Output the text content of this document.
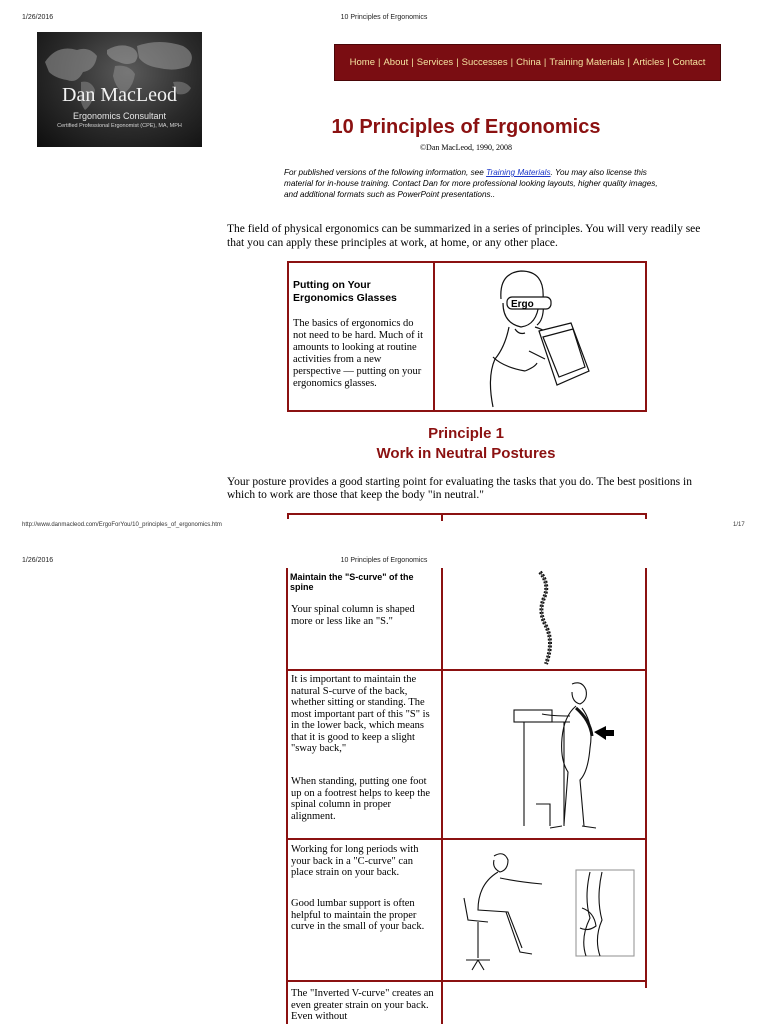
1/26/2016	10 Principles of Ergonomics
Dan MacLeod
Ergonomics Consultant
Certified Professional Ergonomist (CPE), MA, MPH
Home | About | Services | Successes | China | Training Materials | Articles | Contact
10 Principles of Ergonomics
©Dan MacLeod, 1990, 2008
For published versions of the following information, see Training Materials. You may also license this material for in-house training. Contact Dan for more professional looking layouts, higher quality images, and additional formats such as PowerPoint presentations..
The field of physical ergonomics can be summarized in a series of principles. You will very readily see that you can apply these principles at work, at home, or any other place.
Putting on Your Ergonomics Glasses
The basics of ergonomics do not need to be hard. Much of it amounts to looking at routine activities from a new perspective — putting on your ergonomics glasses.
Ergo
Principle 1
Work in Neutral Postures
Your posture provides a good starting point for evaluating the tasks that you do. The best positions in which to work are those that keep the body "in neutral."
http://www.danmacleod.com/ErgoForYou/10_principles_of_ergonomics.htm	1/17
1/26/2016	10 Principles of Ergonomics
Maintain the "S-curve" of the spine
Your spinal column is shaped more or less like an "S."
It is important to maintain the natural S-curve of the back, whether sitting or standing. The most important part of this "S" is in the lower back, which means that it is good to keep a slight "sway back,"
When standing, putting one foot up on a footrest helps to keep the spinal column in proper alignment.
Working for long periods with your back in a "C-curve" can place strain on your back.
Good lumbar support is often helpful to maintain the proper curve in the small of your back.
The "Inverted V-curve" creates an even greater strain on your back. Even without
